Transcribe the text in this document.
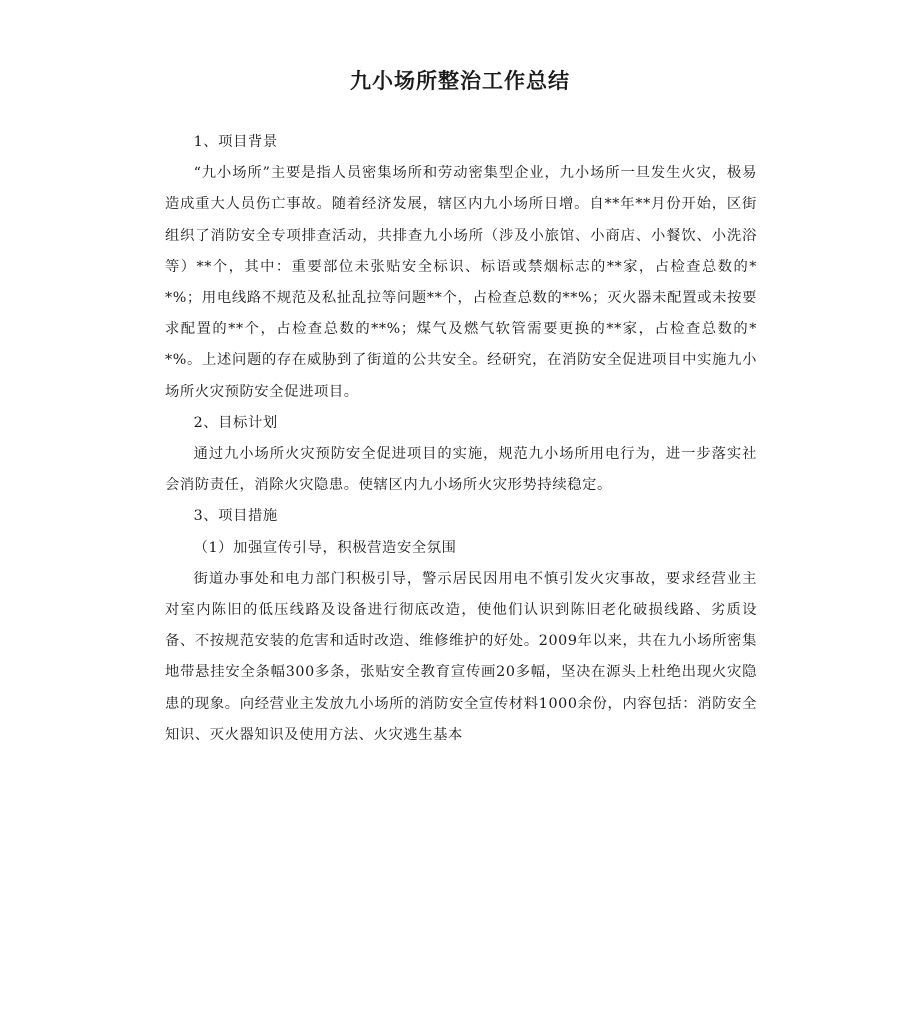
九小场所整治工作总结

1、项目背景

“九小场所”主要是指人员密集场所和劳动密集型企业，九小场所一旦发生火灾，极易造成重大人员伤亡事故。随着经济发展，辖区内九小场所日增。自**年**月份开始，区街组织了消防安全专项排查活动，共排查九小场所（涉及小旅馆、小商店、小餐饮、小洗浴等）**个，其中：重要部位未张贴安全标识、标语或禁烟标志的**家，占检查总数的**%；用电线路不规范及私扯乱拉等问题**个，占检查总数的**%；灭火器未配置或未按要求配置的**个，占检查总数的**%；煤气及燃气软管需要更换的**家，占检查总数的**%。上述问题的存在威胁到了街道的公共安全。经研究，在消防安全促进项目中实施九小场所火灾预防安全促进项目。

2、目标计划

通过九小场所火灾预防安全促进项目的实施，规范九小场所用电行为，进一步落实社会消防责任，消除火灾隐患。使辖区内九小场所火灾形势持续稳定。

3、项目措施

（1）加强宣传引导，积极营造安全氛围

街道办事处和电力部门积极引导，警示居民因用电不慎引发火灾事故，要求经营业主对室内陈旧的低压线路及设备进行彻底改造，使他们认识到陈旧老化破损线路、劣质设备、不按规范安装的危害和适时改造、维修维护的好处。2009年以来，共在九小场所密集地带悬挂安全条幅300多条，张贴安全教育宣传画20多幅，坚决在源头上杜绝出现火灾隐患的现象。向经营业主发放九小场所的消防安全宣传材料1000余份，内容包括：消防安全知识、灭火器知识及使用方法、火灾逃生基本
